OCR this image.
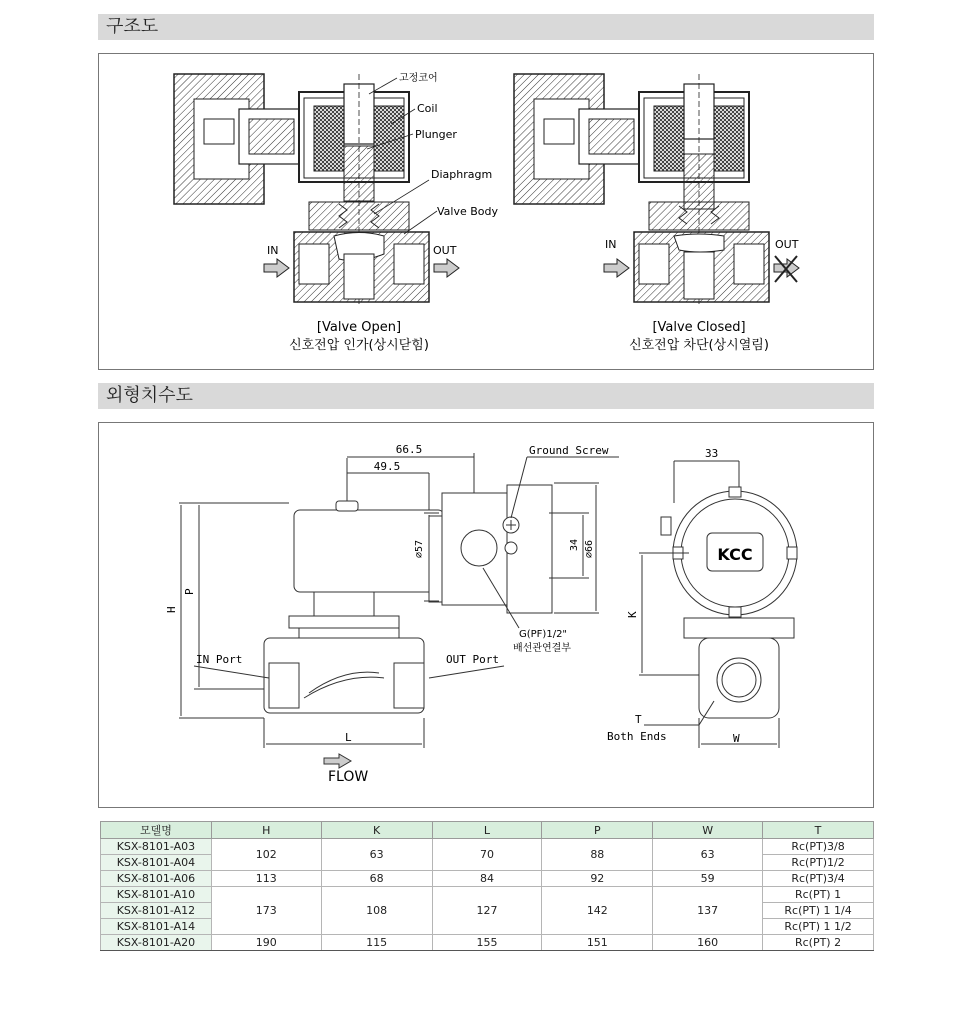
구조도
고정코어
Coil
Plunger
Diaphragm
Valve Body
IN	OUT
[Valve Open]
신호전압 인가(상시닫힘)
IN	OUT
[Valve Closed]
신호전압 차단(상시열림)
외형치수도
66.5
49.5
Ground Screw
⌀57	34 ⌀66
H
P
IN Port	OUT Port
G(PF)1/2"
배선관연결부
L
FLOW
33
K
T
Both Ends	W
KCC
모델명	H	K	L	P	W	T
KSX-8101-A03	102	63	70	88	63	Rc(PT)3/8
KSX-8101-A04						Rc(PT)1/2
KSX-8101-A06	113	68	84	92	59	Rc(PT)3/4
KSX-8101-A10	173	108	127	142	137	Rc(PT) 1
KSX-8101-A12						Rc(PT) 1 1/4
KSX-8101-A14						Rc(PT) 1 1/2
KSX-8101-A20	190	115	155	151	160	Rc(PT) 2
